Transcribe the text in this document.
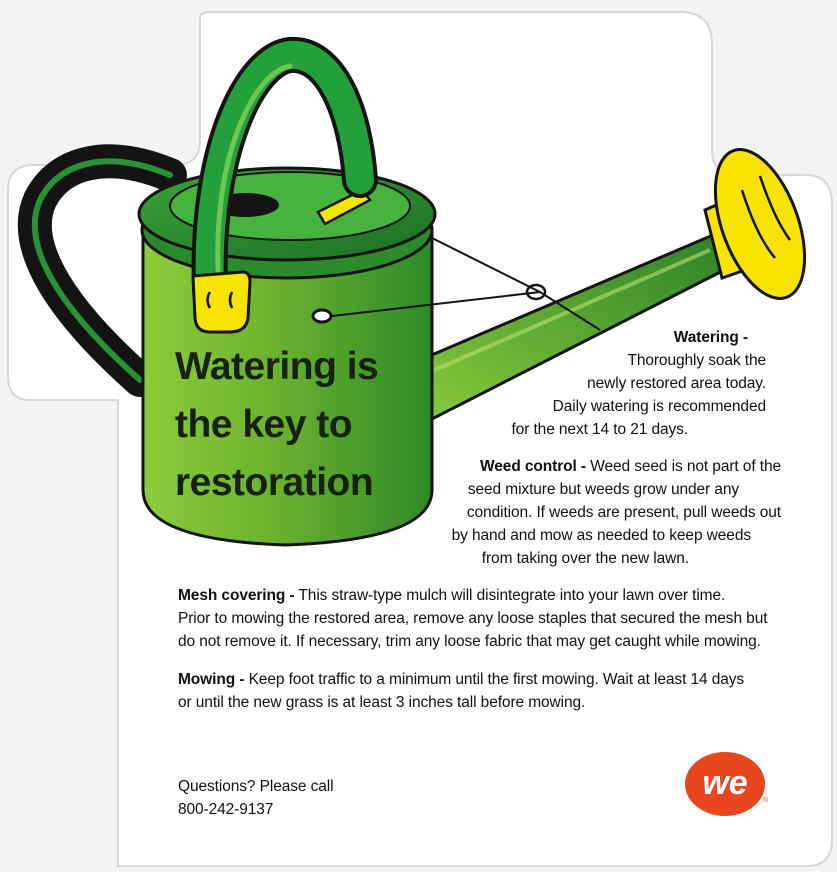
Watering is
the key to
restoration
Watering -
Thoroughly soak the
newly restored area today.
Daily watering is recommended
for the next 14 to 21 days.
Weed control - Weed seed is not part of the
seed mixture but weeds grow under any
condition. If weeds are present, pull weeds out
by hand and mow as needed to keep weeds
from taking over the new lawn.
Mesh covering - This straw-type mulch will disintegrate into your lawn over time.
Prior to mowing the restored area, remove any loose staples that secured the mesh but
do not remove it. If necessary, trim any loose fabric that may get caught while mowing.
Mowing - Keep foot traffic to a minimum until the first mowing. Wait at least 14 days
or until the new grass is at least 3 inches tall before mowing.
Questions? Please call
800-242-9137
we ®
